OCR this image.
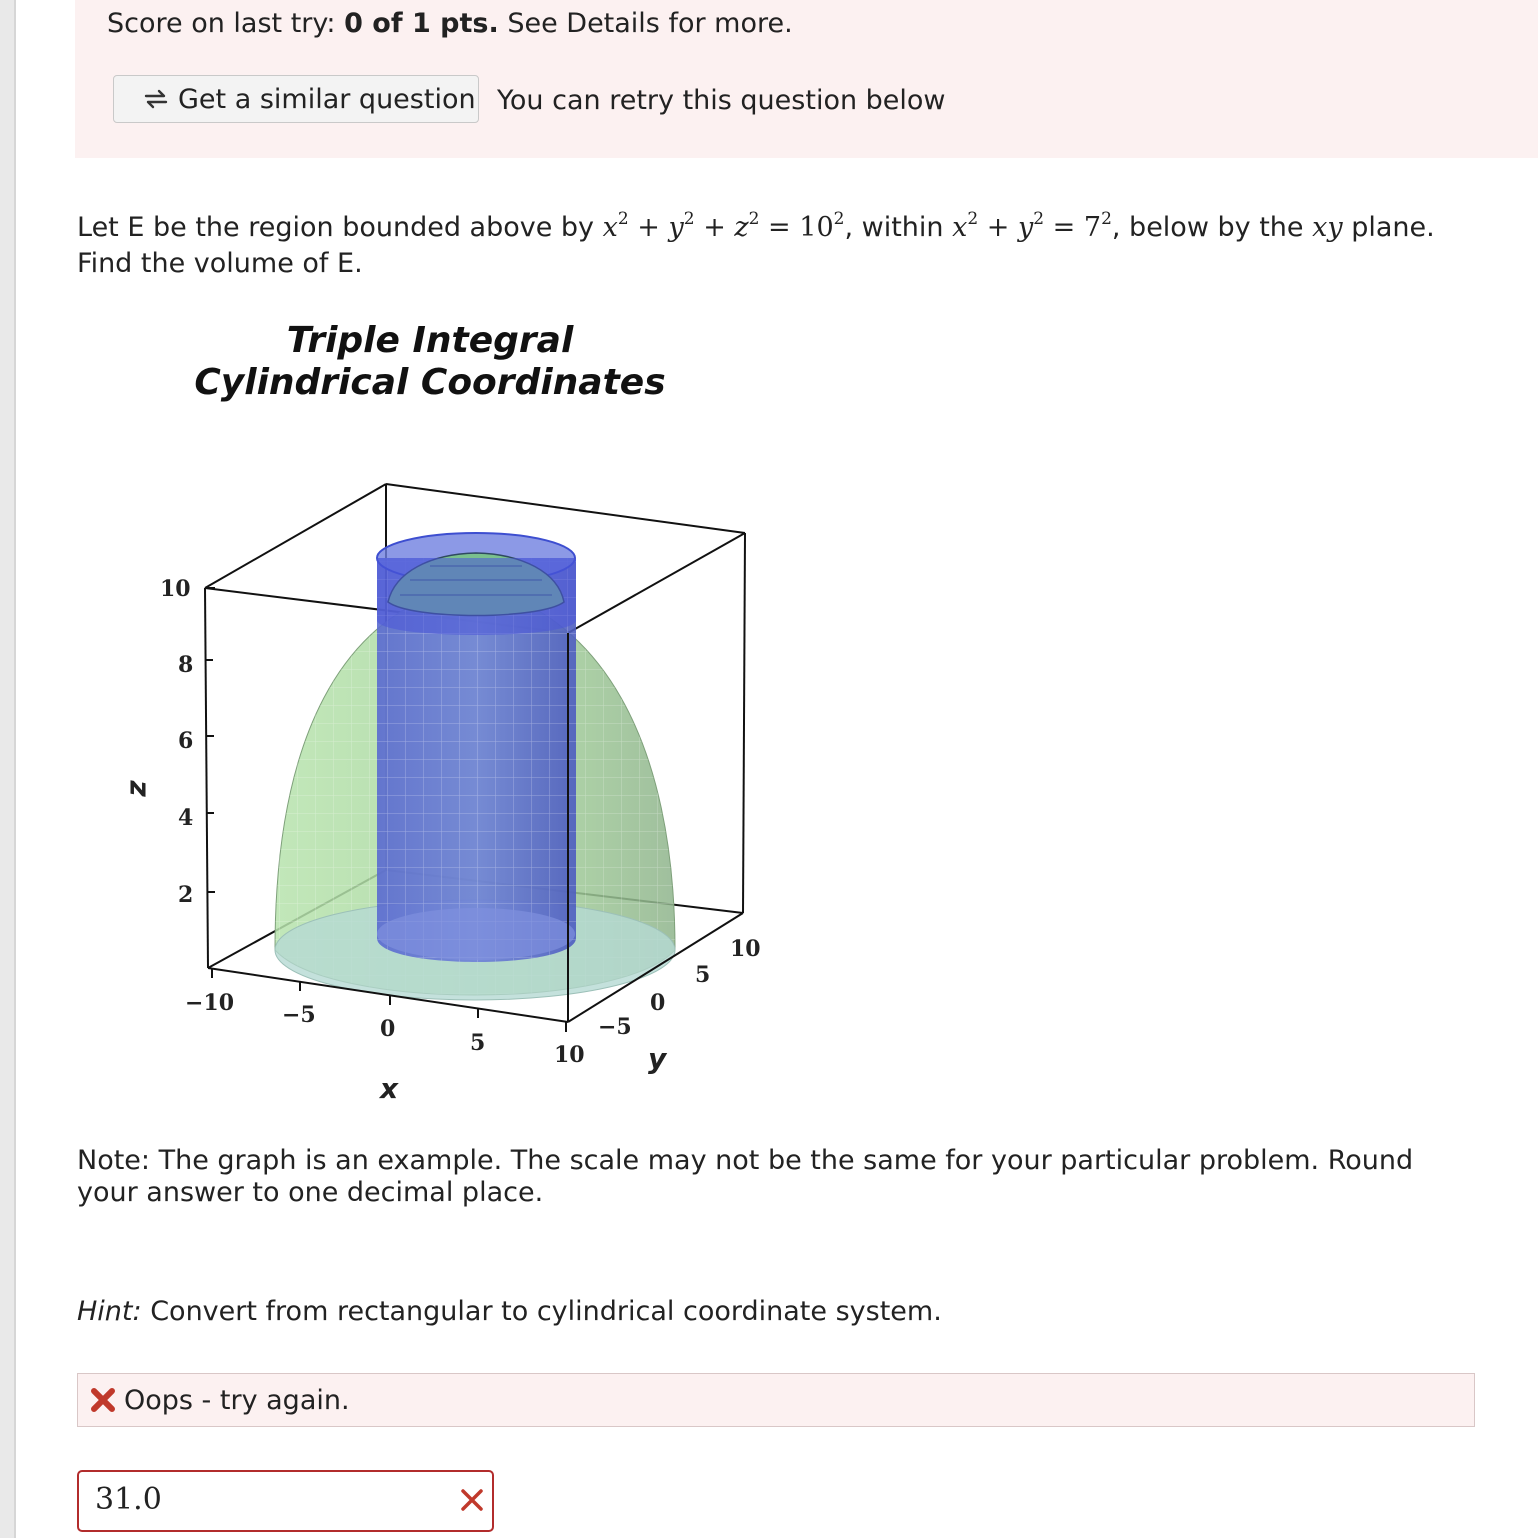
Score on last try: 0 of 1 pts. See Details for more.
Get a similar question You can retry this question below
Let E be the region bounded above by $x^2 + y^2 + z^2 = 10^2$, within $x^2 + y^2 = 7^2$, below by the xy plane.
Find the volume of E.
Triple Integral
Cylindrical Coordinates
z
2
4
6
8
10
−10 −5
0
5	10
x
−5
0
5
10
y
Note: The graph is an example. The scale may not be the same for your particular problem. Round your answer to one decimal place.
Hint: Convert from rectangular to cylindrical coordinate system.
Oops - try again.
31.0
